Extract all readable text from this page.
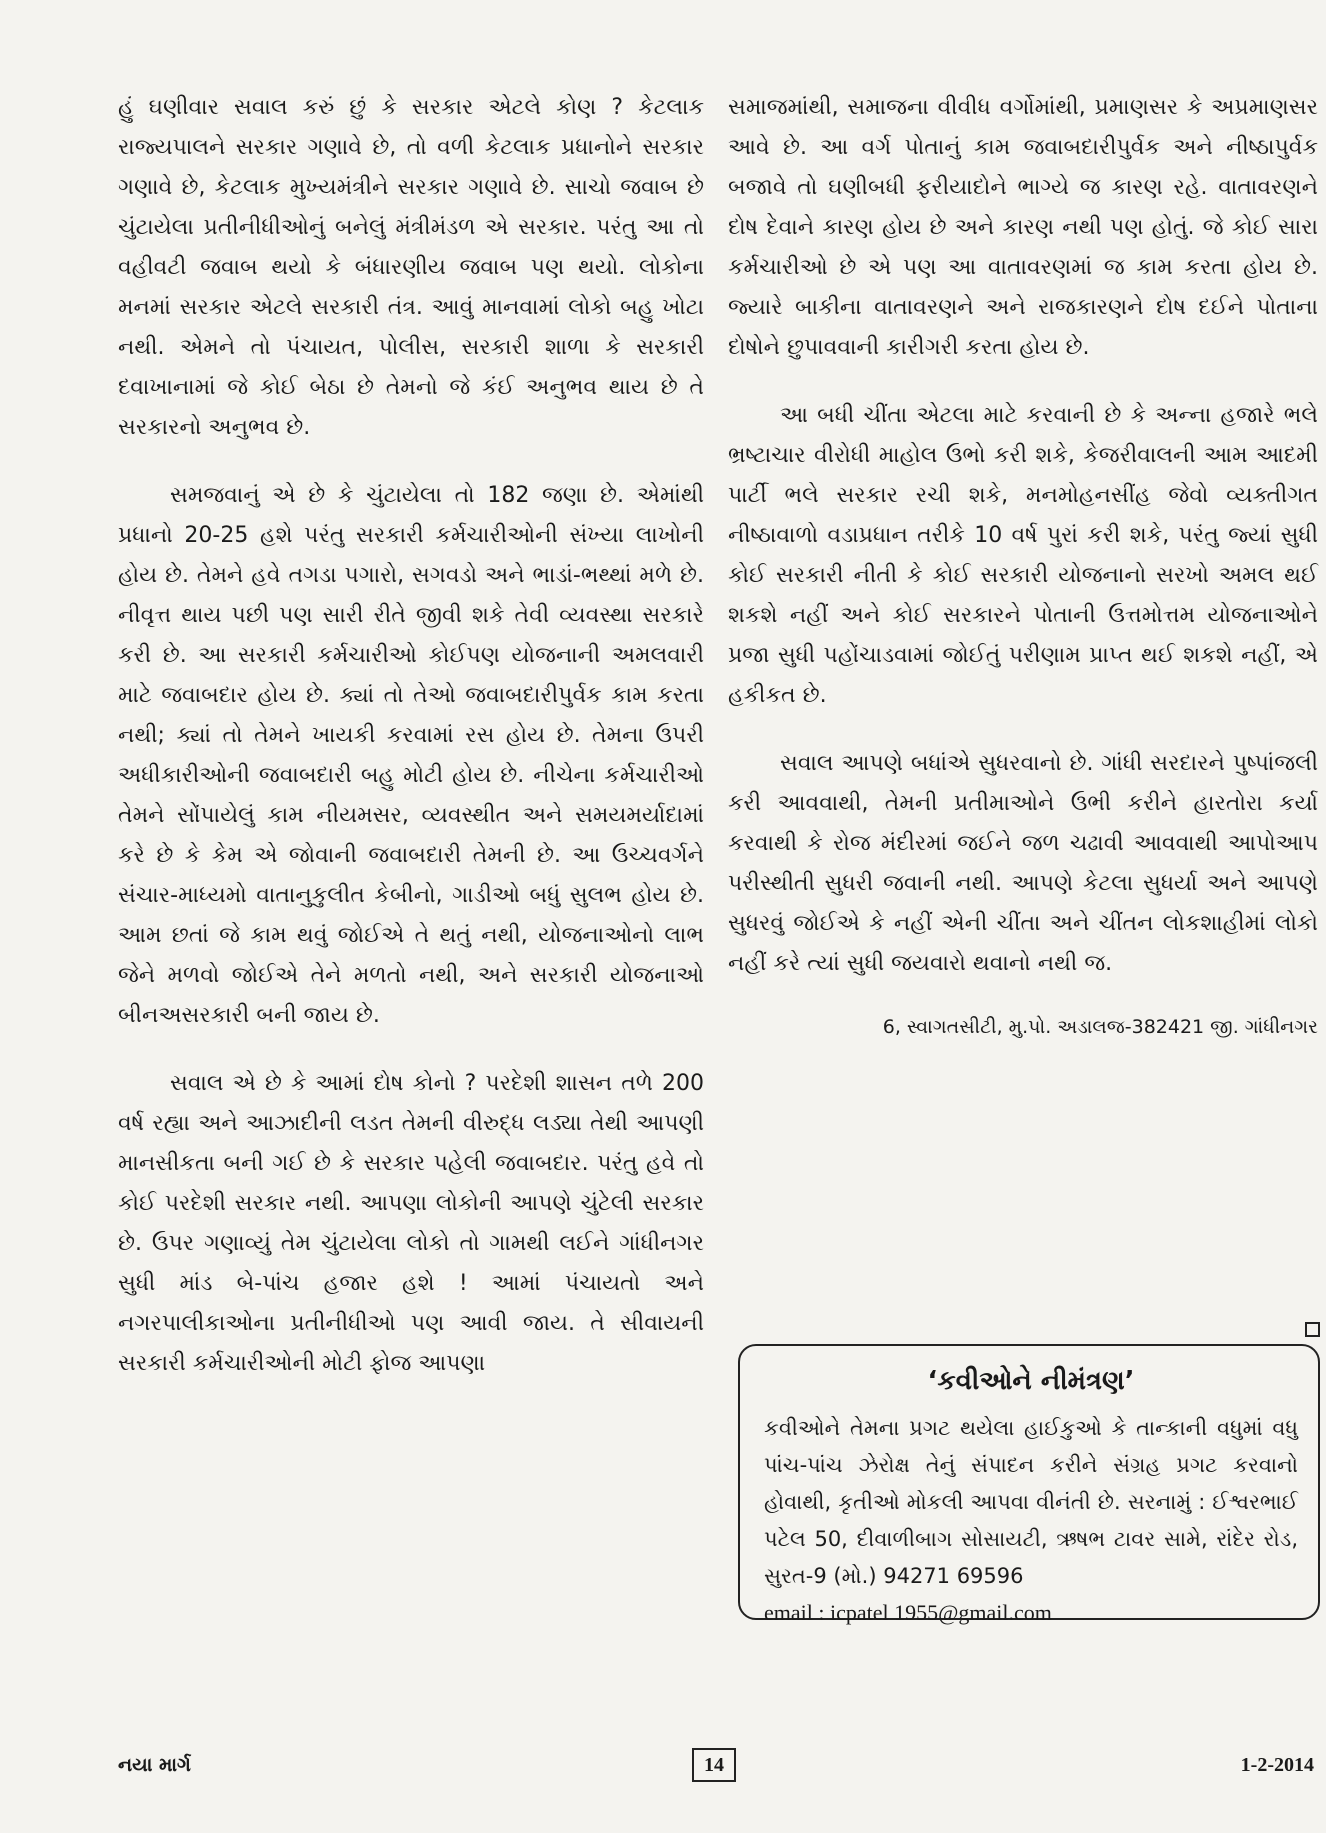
હું ઘણીવાર સવાલ કરું છું કે સરકાર એટલે કોણ ? કેટલાક રાજ્યપાલને સરકાર ગણાવે છે, તો વળી કેટલાક પ્રધાનોને સરકાર ગણાવે છે, કેટલાક મુખ્યમંત્રીને સરકાર ગણાવે છે. સાચો જવાબ છે ચુંટાયેલા પ્રતીનીધીઓનું બનેલું મંત્રીમંડળ એ સરકાર. પરંતુ આ તો વહીવટી જવાબ થયો કે બંધારણીય જવાબ પણ થયો. લોકોના મનમાં સરકાર એટલે સરકારી તંત્ર. આવું માનવામાં લોકો બહુ ખોટા નથી. એમને તો પંચાયત, પોલીસ, સરકારી શાળા કે સરકારી દવાખાનામાં જે કોઈ બેઠા છે તેમનો જે કંઈ અનુભવ થાય છે તે સરકારનો અનુભવ છે.

સમજવાનું એ છે કે ચુંટાયેલા તો 182 જણા છે. એમાંથી પ્રધાનો 20-25 હશે પરંતુ સરકારી કર્મચારીઓની સંખ્યા લાખોની હોય છે. તેમને હવે તગડા પગારો, સગવડો અને ભાડાં-ભથ્થાં મળે છે. નીવૃત્ત થાય પછી પણ સારી રીતે જીવી શકે તેવી વ્યવસ્થા સરકારે કરી છે. આ સરકારી કર્મચારીઓ કોઈપણ યોજનાની અમલવારી માટે જવાબદાર હોય છે. ક્યાં તો તેઓ જવાબદારીપુર્વક કામ કરતા નથી; ક્યાં તો તેમને ખાયકી કરવામાં રસ હોય છે. તેમના ઉપરી અધીકારીઓની જવાબદારી બહુ મોટી હોય છે. નીચેના કર્મચારીઓ તેમને સોંપાયેલું કામ નીયમસર, વ્યવસ્થીત અને સમયમર્યાદામાં કરે છે કે કેમ એ જોવાની જવાબદારી તેમની છે. આ ઉચ્ચવર્ગને સંચાર-માધ્યમો વાતાનુકુલીત કેબીનો, ગાડીઓ બધું સુલભ હોય છે. આમ છતાં જે કામ થવું જોઈએ તે થતું નથી, યોજનાઓનો લાભ જેને મળવો જોઈએ તેને મળતો નથી, અને સરકારી યોજનાઓ બીનઅસરકારી બની જાય છે.

સવાલ એ છે કે આમાં દોષ કોનો ? પરદેશી શાસન તળે 200 વર્ષ રહ્યા અને આઝાદીની લડત તેમની વીરુદ્ધ લડ્યા તેથી આપણી માનસીકતા બની ગઈ છે કે સરકાર પહેલી જવાબદાર. પરંતુ હવે તો કોઈ પરદેશી સરકાર નથી. આપણા લોકોની આપણે ચુંટેલી સરકાર છે. ઉપર ગણાવ્યું તેમ ચુંટાયેલા લોકો તો ગામથી લઈને ગાંધીનગર સુધી માંડ બે-પાંચ હજાર હશે ! આમાં પંચાયતો અને નગરપાલીકાઓના પ્રતીનીધીઓ પણ આવી જાય. તે સીવાયની સરકારી કર્મચારીઓની મોટી ફોજ આપણા

સમાજમાંથી, સમાજના વીવીધ વર્ગોમાંથી, પ્રમાણસર કે અપ્રમાણસર આવે છે. આ વર્ગ પોતાનું કામ જવાબદારીપુર્વક અને નીષ્ઠાપુર્વક બજાવે તો ઘણીબધી ફરીયાદોને ભાગ્યે જ કારણ રહે. વાતાવરણને દોષ દેવાને કારણ હોય છે અને કારણ નથી પણ હોતું. જે કોઈ સારા કર્મચારીઓ છે એ પણ આ વાતાવરણમાં જ કામ કરતા હોય છે. જ્યારે બાકીના વાતાવરણને અને રાજકારણને દોષ દઈને પોતાના દોષોને છુપાવવાની કારીગરી કરતા હોય છે.

આ બધી ચીંતા એટલા માટે કરવાની છે કે અન્ના હજારે ભલે ભ્રષ્ટાચાર વીરોધી માહોલ ઉભો કરી શકે, કેજરીવાલની આમ આદમી પાર્ટી ભલે સરકાર રચી શકે, મનમોહનસીંહ જેવો વ્યક્તીગત નીષ્ઠાવાળો વડાપ્રધાન તરીકે 10 વર્ષ પુરાં કરી શકે, પરંતુ જ્યાં સુધી કોઈ સરકારી નીતી કે કોઈ સરકારી યોજનાનો સરખો અમલ થઈ શકશે નહીં અને કોઈ સરકારને પોતાની ઉત્તમોત્તમ યોજનાઓને પ્રજા સુધી પહોંચાડવામાં જોઈતું પરીણામ પ્રાપ્ત થઈ શકશે નહીં, એ હકીકત છે.

સવાલ આપણે બધાંએ સુધરવાનો છે. ગાંધી સરદારને પુષ્પાંજલી કરી આવવાથી, તેમની પ્રતીમાઓને ઉભી કરીને હારતોરા કર્યા કરવાથી કે રોજ મંદીરમાં જઈને જળ ચઢાવી આવવાથી આપોઆપ પરીસ્થીતી સુધરી જવાની નથી. આપણે કેટલા સુધર્યા અને આપણે સુધરવું જોઈએ કે નહીં એની ચીંતા અને ચીંતન લોકશાહીમાં લોકો નહીં કરે ત્યાં સુધી જયવારો થવાનો નથી જ.

6, સ્વાગતસીટી, મુ.પો. અડાલજ-382421 જી. ગાંધીનગર

‘કવીઓને નીમંત્રણ’

કવીઓને તેમના પ્રગટ થયેલા હાઈકુઓ કે તાન્કાની વધુમાં વધુ પાંચ-પાંચ ઝેરોક્ષ તેનું સંપાદન કરીને સંગ્રહ પ્રગટ કરવાનો હોવાથી, કૃતીઓ મોકલી આપવા વીનંતી છે. સરનામું : ઈશ્વરભાઈ પટેલ 50, દીવાળીબાગ સોસાયટી, ઋષભ ટાવર સામે, રાંદેર રોડ, સુરત-9 (મો.) 94271 69596

email : icpatel 1955@gmail.com

નયા માર્ગ	14	1-2-2014
